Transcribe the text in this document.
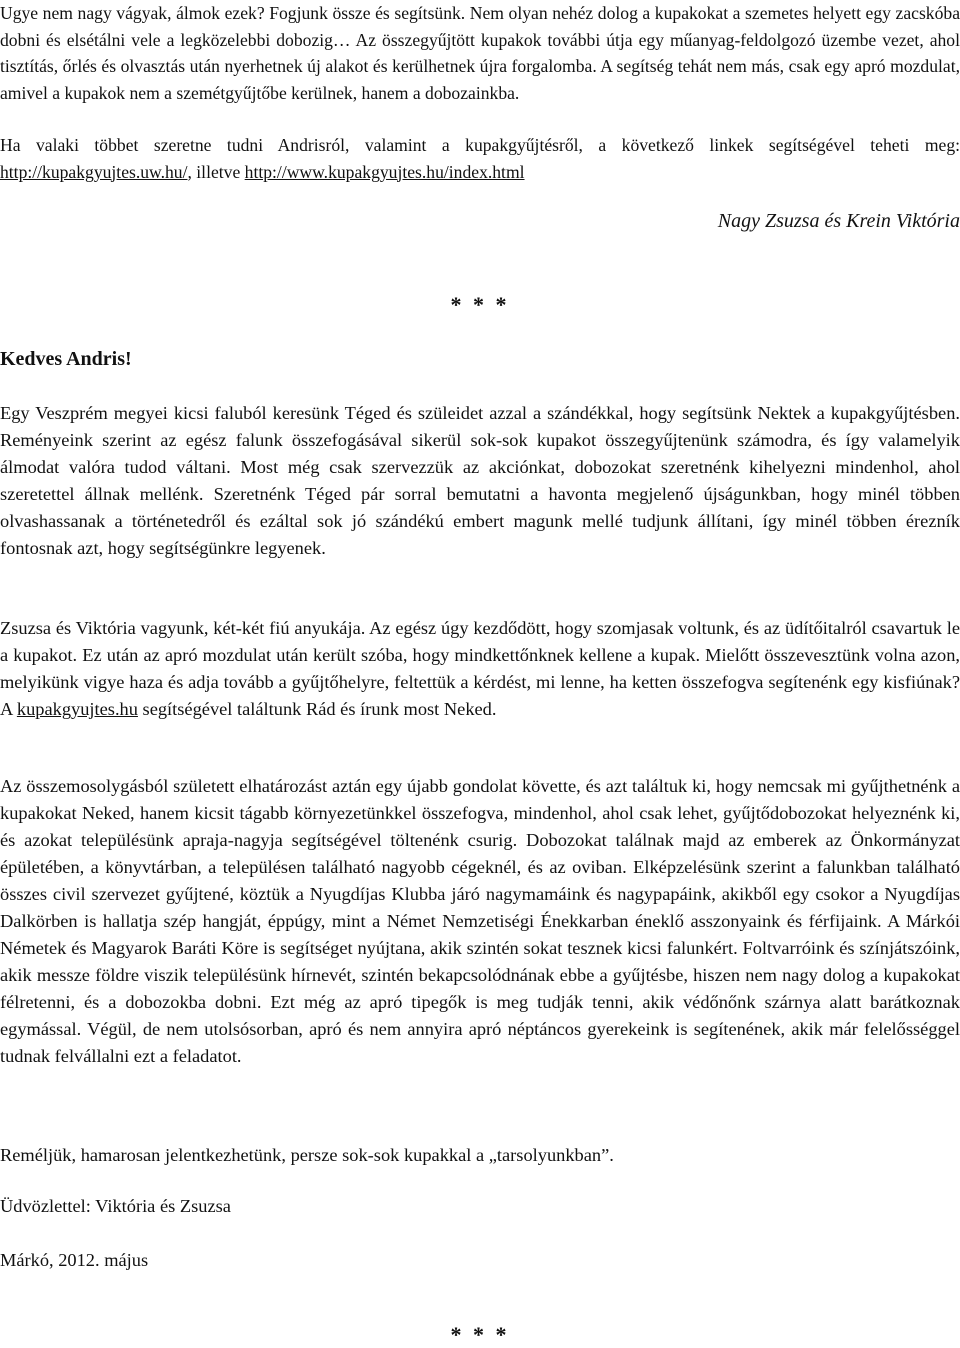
Ugye nem nagy vágyak, álmok ezek? Fogjunk össze és segítsünk. Nem olyan nehéz dolog a kupakokat a szemetes helyett egy zacskóba dobni és elsétálni vele a legközelebbi dobozig… Az összegyűjtött kupakok további útja egy műanyag-feldolgozó üzembe vezet, ahol tisztítás, őrlés és olvasztás után nyerhetnek új alakot és kerülhetnek újra forgalomba. A segítség tehát nem más, csak egy apró mozdulat, amivel a kupakok nem a szemétgyűjtőbe kerülnek, hanem a dobozainkba.

Ha valaki többet szeretne tudni Andrisról, valamint a kupakgyűjtésről, a következő linkek segítségével teheti meg: http://kupakgyujtes.uw.hu/, illetve http://www.kupakgyujtes.hu/index.html

Nagy Zsuzsa és Krein Viktória
* * *
Kedves Andris!

Egy Veszprém megyei kicsi faluból keresünk Téged és szüleidet azzal a szándékkal, hogy segítsünk Nektek a kupakgyűjtésben. Reményeink szerint az egész falunk összefogásával sikerül sok-sok kupakot összegyűjtenünk számodra, és így valamelyik álmodat valóra tudod váltani. Most még csak szervezzük az akciónkat, dobozokat szeretnénk kihelyezni mindenhol, ahol szeretettel állnak mellénk. Szeretnénk Téged pár sorral bemutatni a havonta megjelenő újságunkban, hogy minél többen olvashassanak a történetedről és ezáltal sok jó szándékú embert magunk mellé tudjunk állítani, így minél többen érezník fontosnak azt, hogy segítségünkre legyenek.

Zsuzsa és Viktória vagyunk, két-két fiú anyukája. Az egész úgy kezdődött, hogy szomjasak voltunk, és az üdítőitalról csavartuk le a kupakot. Ez után az apró mozdulat után került szóba, hogy mindkettőnknek kellene a kupak. Mielőtt összevesztünk volna azon, melyikünk vigye haza és adja tovább a gyűjtőhelyre, feltettük a kérdést, mi lenne, ha ketten összefogva segítenénk egy kisfiúnak? A kupakgyujtes.hu segítségével találtunk Rád és írunk most Neked.

Az összemosolygásból született elhatározást aztán egy újabb gondolat követte, és azt találtuk ki, hogy nemcsak mi gyűjthetnénk a kupakokat Neked, hanem kicsit tágabb környezetünkkel összefogva, mindenhol, ahol csak lehet, gyűjtődobozokat helyeznénk ki, és azokat településünk apraja-nagyja segítségével töltenénk csurig. Dobozokat találnak majd az emberek az Önkormányzat épületében, a könyvtárban, a településen található nagyobb cégeknél, és az oviban. Elképzelésünk szerint a falunkban található összes civil szervezet gyűjtené, köztük a Nyugdíjas Klubba járó nagymamáink és nagypapáink, akikből egy csokor a Nyugdíjas Dalkörben is hallatja szép hangját, éppúgy, mint a Német Nemzetiségi Énekkarban éneklő asszonyaink és férfijaink. A Márkói Németek és Magyarok Baráti Köre is segítséget nyújtana, akik szintén sokat tesznek kicsi falunkért. Foltvarróink és színjátszóink, akik messze földre viszik településünk hírnevét, szintén bekapcsolódnának ebbe a gyűjtésbe, hiszen nem nagy dolog a kupakokat félretenni, és a dobozokba dobni. Ezt még az apró tipegők is meg tudják tenni, akik védőnőnk szárnya alatt barátkoznak egymással. Végül, de nem utolsósorban, apró és nem annyira apró néptáncos gyerekeink is segítenének, akik már felelősséggel tudnak felvállalni ezt a feladatot.

Reméljük, hamarosan jelentkezhetünk, persze sok-sok kupakkal a „tarsolyunkban”.

Üdvözlettel: Viktória és Zsuzsa
Márkó, 2012. május
* * *
